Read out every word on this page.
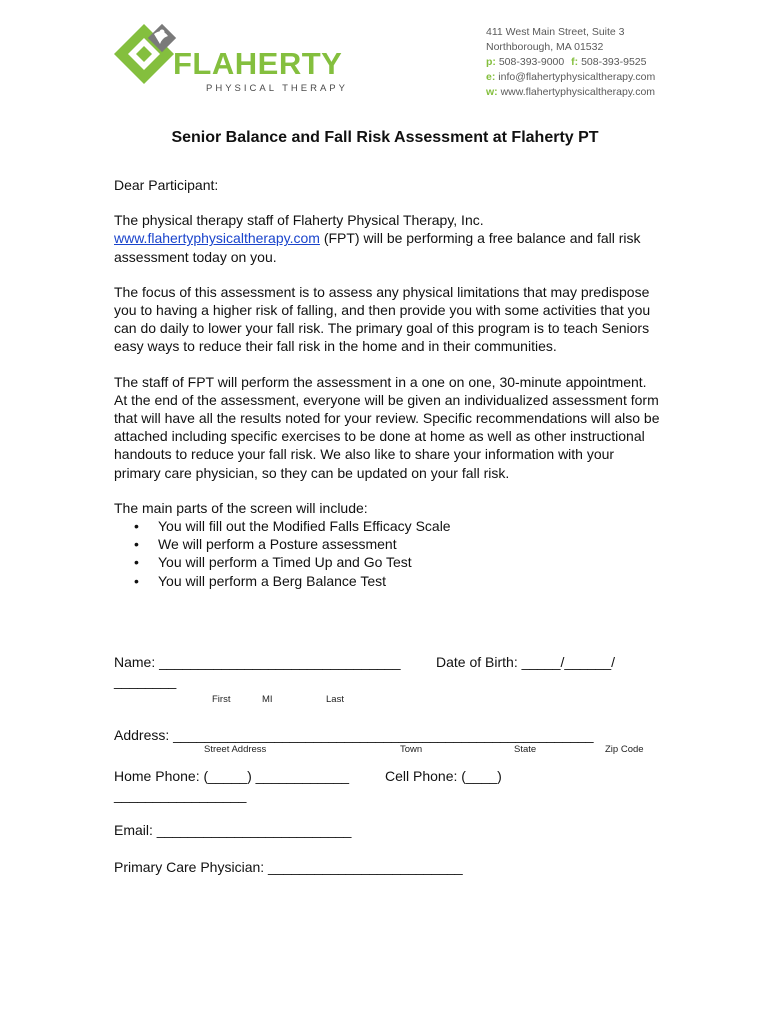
FLAHERTY
PHYSICAL THERAPY
411 West Main Street, Suite 3
Northborough, MA 01532
p: 508-393-9000 f: 508-393-9525
e: info@flahertyphysicaltherapy.com
w: www.flahertyphysicaltherapy.com
Senior Balance and Fall Risk Assessment at Flaherty PT

Dear Participant:

The physical therapy staff of Flaherty Physical Therapy, Inc.
www.flahertyphysicaltherapy.com (FPT) will be performing a free balance and fall risk assessment today on you.

The focus of this assessment is to assess any physical limitations that may predispose you to having a higher risk of falling, and then provide you with some activities that you can do daily to lower your fall risk. The primary goal of this program is to teach Seniors easy ways to reduce their fall risk in the home and in their communities.

The staff of FPT will perform the assessment in a one on one, 30-minute appointment. At the end of the assessment, everyone will be given an individualized assessment form that will have all the results noted for your review. Specific recommendations will also be attached including specific exercises to be done at home as well as other instructional handouts to reduce your fall risk. We also like to share your information with your primary care physician, so they can be updated on your fall risk.

The main parts of the screen will include:
• You will fill out the Modified Falls Efficacy Scale
• We will perform a Posture assessment
• You will perform a Timed Up and Go Test
• You will perform a Berg Balance Test
Name: _______________________________	Date of Birth: _____/______/
________
First	MI	Last
Address: ______________________________________________________
Street Address	Town	State	Zip Code
Home Phone: (_____) ____________	Cell Phone: (____)
_________________
Email: _________________________
Primary Care Physician: _________________________
